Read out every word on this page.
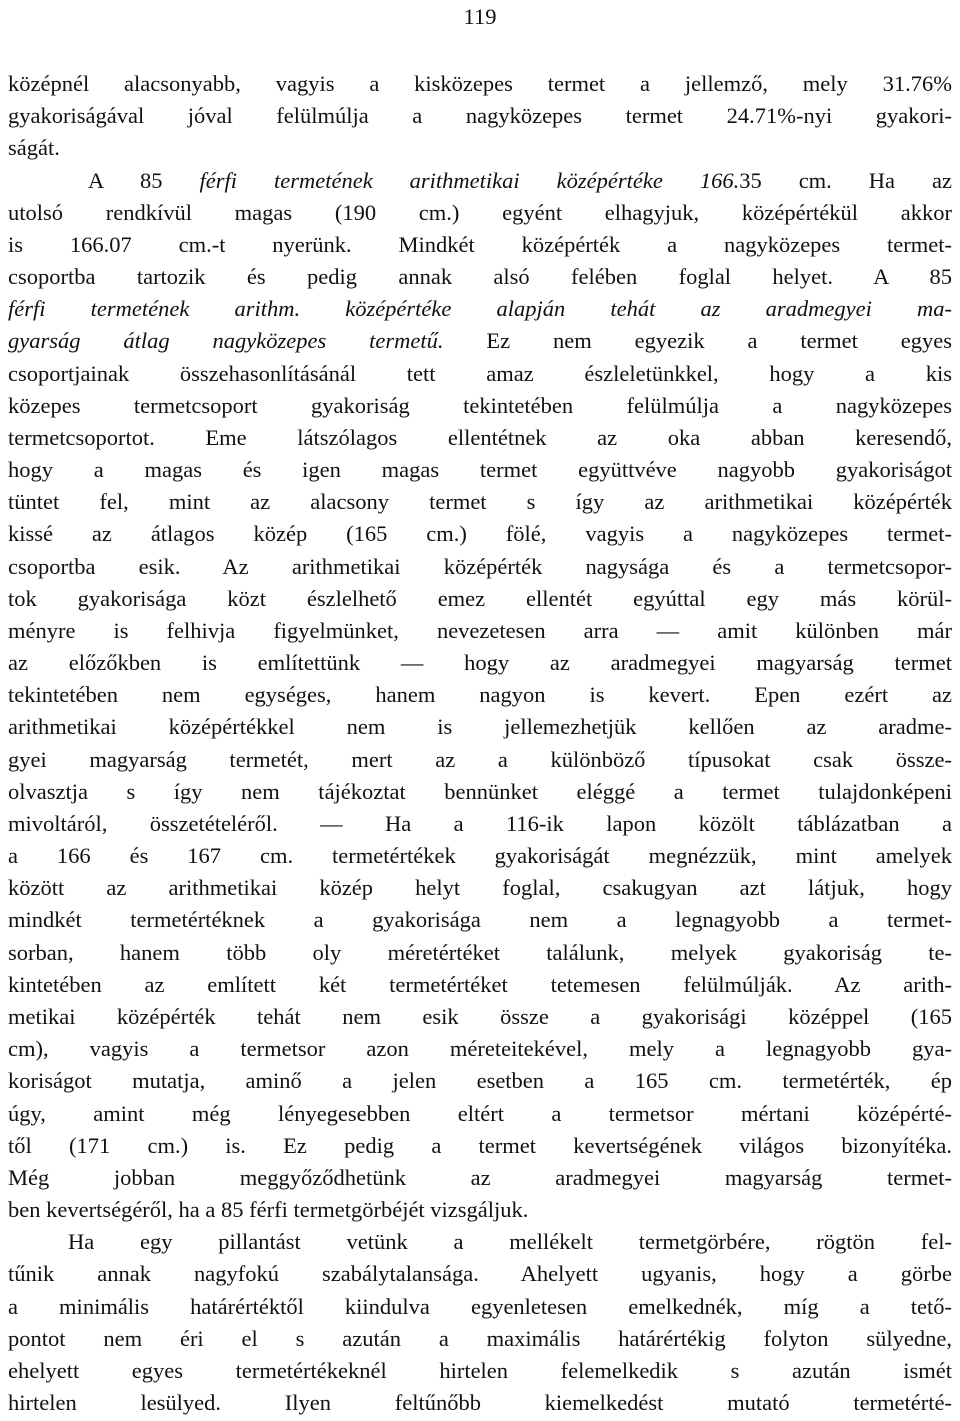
119
középnél alacsonyabb, vagyis a kisközepes termet a jellemző, mely 31.76%
gyakoriságával jóval felülmúlja a nagyközepes termet 24.71%-nyi gyakori-
ságát.
A 85 férfi termetének arithmetikai középértéke 166.35 cm. Ha az
utolsó rendkívül magas (190 cm.) egyént elhagyjuk, középértékül akkor
is 166.07 cm.-t nyerünk. Mindkét középérték a nagyközepes termet-
csoportba tartozik és pedig annak alsó felében foglal helyet. A 85
férfi termetének arithm. középértéke alapján tehát az aradmegyei ma-
gyarság átlag nagyközepes termetű. Ez nem egyezik a termet egyes
csoportjainak összehasonlításánál tett amaz észleletünkkel, hogy a kis
közepes termetcsoport gyakoriság tekintetében felülmúlja a nagyközepes
termetcsoportot. Eme látszólagos ellentétnek az oka abban keresendő,
hogy a magas és igen magas termet együttvéve nagyobb gyakoriságot
tüntet fel, mint az alacsony termet s így az arithmetikai középérték
kissé az átlagos közép (165 cm.) fölé, vagyis a nagyközepes termet-
csoportba esik. Az arithmetikai középérték nagysága és a termetcsopor-
tok gyakorisága közt észlelhető emez ellentét egyúttal egy más körül-
ményre is felhivja figyelmünket, nevezetesen arra — amit különben már
az előzőkben is említettünk — hogy az aradmegyei magyarság termet
tekintetében nem egységes, hanem nagyon is kevert. Epen ezért az
arithmetikai középértékkel nem is jellemezhetjük kellően az aradme-
gyei magyarság termetét, mert az a különböző típusokat csak össze-
olvasztja s így nem tájékoztat bennünket eléggé a termet tulajdonképeni
mivoltáról, összetételéről. — Ha a 116-ik lapon közölt táblázatban a
a 166 és 167 cm. termetértékek gyakoriságát megnézzük, mint amelyek
között az arithmetikai közép helyt foglal, csakugyan azt látjuk, hogy
mindkét termetértéknek a gyakorisága nem a legnagyobb a termet-
sorban, hanem több oly méretértéket találunk, melyek gyakoriság te-
kintetében az említett két termetértéket tetemesen felülmúlják. Az arith-
metikai középérték tehát nem esik össze a gyakorisági középpel (165
cm), vagyis a termetsor azon méreteitekével, mely a legnagyobb gya-
koriságot mutatja, aminő a jelen esetben a 165 cm. termetérték, ép
úgy, amint még lényegesebben eltért a termetsor mértani középérté-
től (171 cm.) is. Ez pedig a termet kevertségének világos bizonyítéka.
Még jobban meggyőződhetünk az aradmegyei magyarság termet-
ben kevertségéről, ha a 85 férfi termetgörbéjét vizsgáljuk.
Ha egy pillantást vetünk a mellékelt termetgörbére, rögtön fel-
tűnik annak nagyfokú szabálytalansága. Ahelyett ugyanis, hogy a görbe
a minimális határértéktől kiindulva egyenletesen emelkednék, míg a tető-
pontot nem éri el s azután a maximális határértékig folyton sülyedne,
ehelyett egyes termetértékeknél hirtelen felemelkedik s azután ismét
hirtelen lesülyed. Ilyen feltűnőbb kiemelkedést mutató termetérté-
